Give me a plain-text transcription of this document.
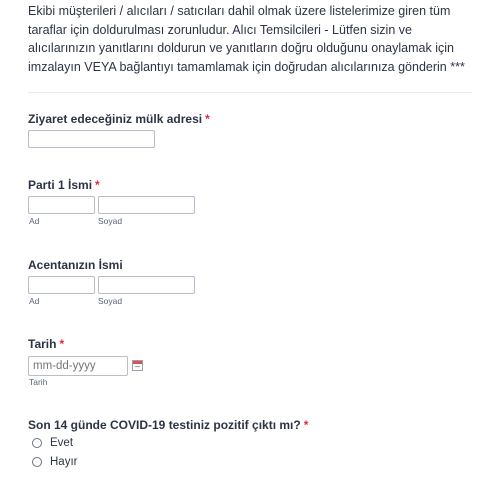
Ekibi müşterileri / alıcıları / satıcıları dahil olmak üzere listelerimize giren tüm taraflar için doldurulması zorunludur. Alıcı Temsilcileri - Lütfen sizin ve alıcılarınızın yanıtlarını doldurun ve yanıtların doğru olduğunu onaylamak için imzalayın VEYA bağlantıyı tamamlamak için doğrudan alıcılarınıza gönderin ***
Ziyaret edeceğiniz mülk adresi *
Parti 1 İsmi *
Ad	Soyad
Acentanızın İsmi
Ad	Soyad
Tarih *
mm-dd-yyyy
Tarih
Son 14 günde COVID-19 testiniz pozitif çıktı mı? *
Evet
Hayır
